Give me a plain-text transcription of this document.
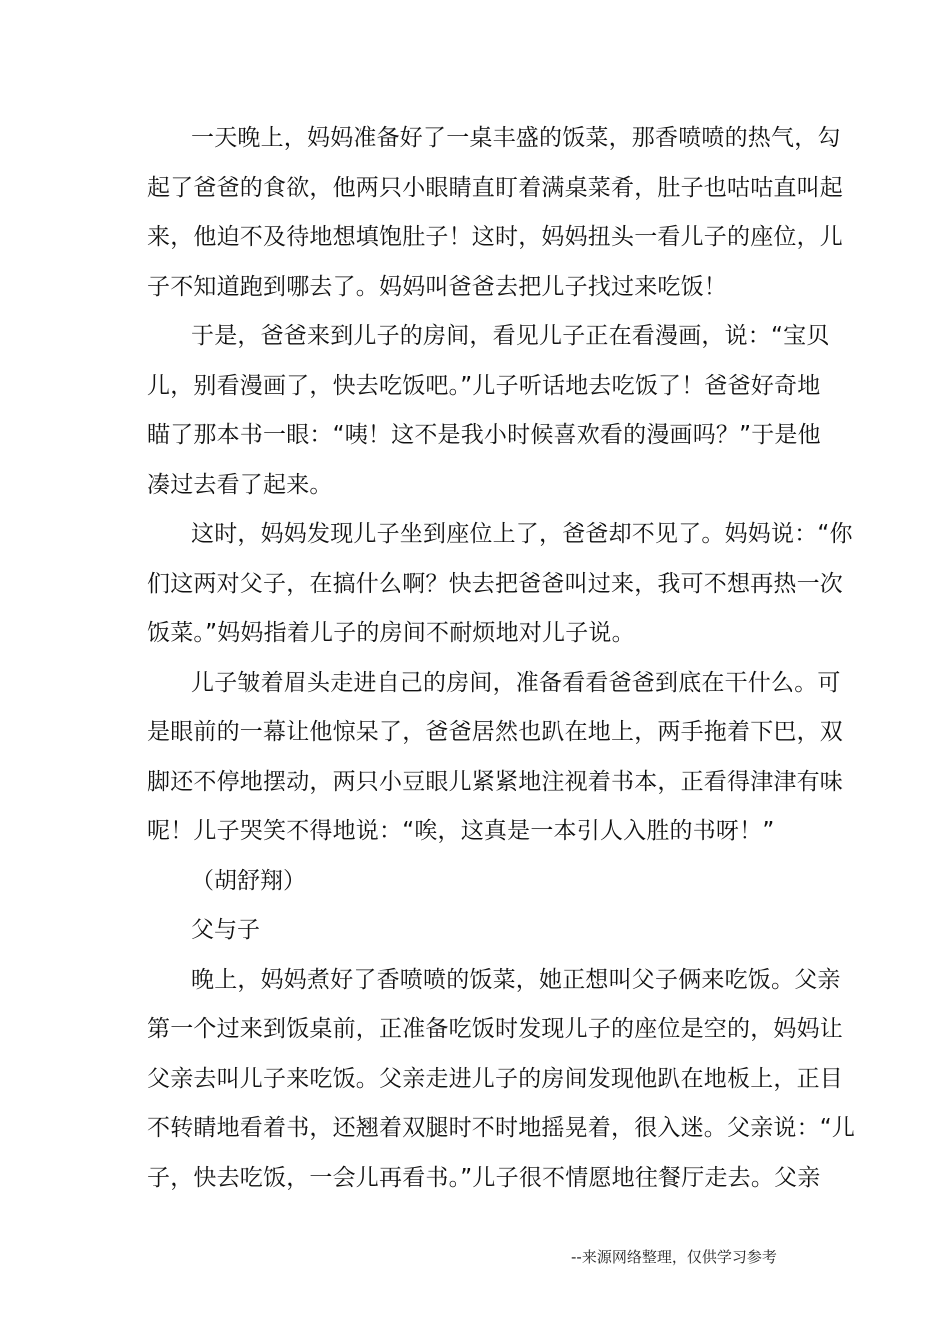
一天晚上，妈妈准备好了一桌丰盛的饭菜，那香喷喷的热气，勾
起了爸爸的食欲，他两只小眼睛直盯着满桌菜肴，肚子也咕咕直叫起
来，他迫不及待地想填饱肚子！这时，妈妈扭头一看儿子的座位，儿
子不知道跑到哪去了。妈妈叫爸爸去把儿子找过来吃饭！
于是，爸爸来到儿子的房间，看见儿子正在看漫画，说：“宝贝
儿，别看漫画了，快去吃饭吧。”儿子听话地去吃饭了！爸爸好奇地
瞄了那本书一眼：“咦！这不是我小时候喜欢看的漫画吗？”于是他
凑过去看了起来。
这时，妈妈发现儿子坐到座位上了，爸爸却不见了。妈妈说：“你
们这两对父子，在搞什么啊？快去把爸爸叫过来，我可不想再热一次
饭菜。”妈妈指着儿子的房间不耐烦地对儿子说。
儿子皱着眉头走进自己的房间，准备看看爸爸到底在干什么。可
是眼前的一幕让他惊呆了，爸爸居然也趴在地上，两手拖着下巴，双
脚还不停地摆动，两只小豆眼儿紧紧地注视着书本，正看得津津有味
呢！儿子哭笑不得地说：“唉，这真是一本引人入胜的书呀！”
（胡舒翔）
父与子
晚上，妈妈煮好了香喷喷的饭菜，她正想叫父子俩来吃饭。父亲
第一个过来到饭桌前，正准备吃饭时发现儿子的座位是空的，妈妈让
父亲去叫儿子来吃饭。父亲走进儿子的房间发现他趴在地板上，正目
不转睛地看着书，还翘着双腿时不时地摇晃着，很入迷。父亲说：“儿
子，快去吃饭，一会儿再看书。”儿子很不情愿地往餐厅走去。父亲
--来源网络整理，仅供学习参考
